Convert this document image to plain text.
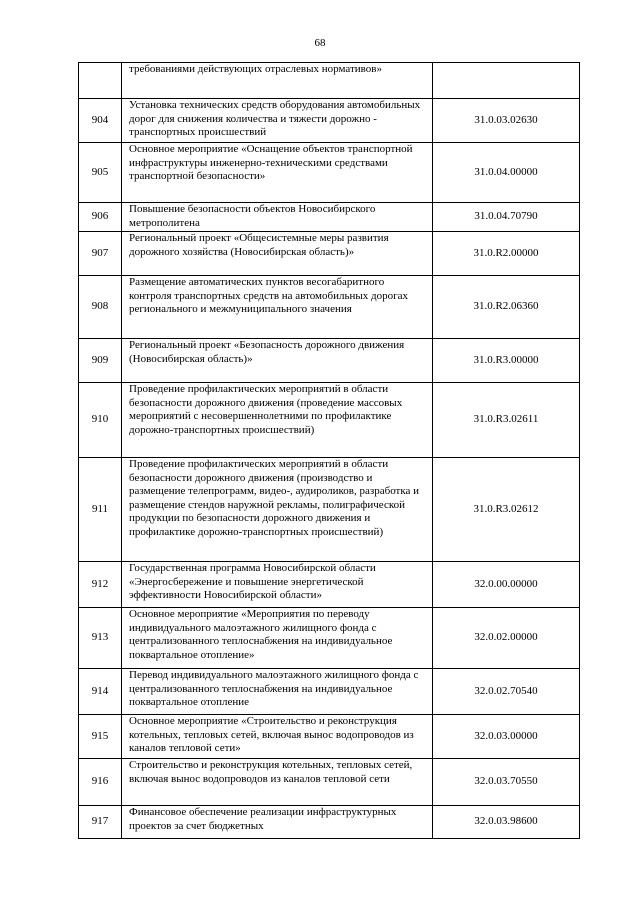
68
	требованиями действующих отраслевых нормативов»	
904	Установка технических средств оборудования автомобильных дорог для снижения количества и тяжести дорожно - транспортных происшествий	31.0.03.02630
905	Основное мероприятие «Оснащение объектов транспортной инфраструктуры инженерно-техническими средствами транспортной безопасности»	31.0.04.00000
906	Повышение безопасности объектов Новосибирского метрополитена	31.0.04.70790
907	Региональный проект «Общесистемные меры развития дорожного хозяйства (Новосибирская область)»	31.0.R2.00000
908	Размещение автоматических пунктов весогабаритного контроля транспортных средств на автомобильных дорогах регионального и межмуниципального значения	31.0.R2.06360
909	Региональный проект «Безопасность дорожного движения (Новосибирская область)»	31.0.R3.00000
910	Проведение профилактических мероприятий в области безопасности дорожного движения (проведение массовых мероприятий с несовершеннолетними по профилактике дорожно-транспортных происшествий)	31.0.R3.02611
911	Проведение профилактических мероприятий в области безопасности дорожного движения (производство и размещение телепрограмм, видео-, аудироликов, разработка и размещение стендов наружной рекламы, полиграфической продукции по безопасности дорожного движения и профилактике дорожно-транспортных происшествий)	31.0.R3.02612
912	Государственная программа Новосибирской области «Энергосбережение и повышение энергетической эффективности Новосибирской области»	32.0.00.00000
913	Основное мероприятие «Мероприятия по переводу индивидуального малоэтажного жилищного фонда с централизованного теплоснабжения на индивидуальное поквартальное отопление»	32.0.02.00000
914	Перевод индивидуального малоэтажного жилищного фонда с централизованного теплоснабжения на индивидуальное поквартальное отопление	32.0.02.70540
915	Основное мероприятие «Строительство и реконструкция котельных, тепловых сетей, включая вынос водопроводов из каналов тепловой сети»	32.0.03.00000
916	Строительство и реконструкция котельных, тепловых сетей, включая вынос водопроводов из каналов тепловой сети	32.0.03.70550
917	Финансовое обеспечение реализации инфраструктурных проектов за счет бюджетных	32.0.03.98600
